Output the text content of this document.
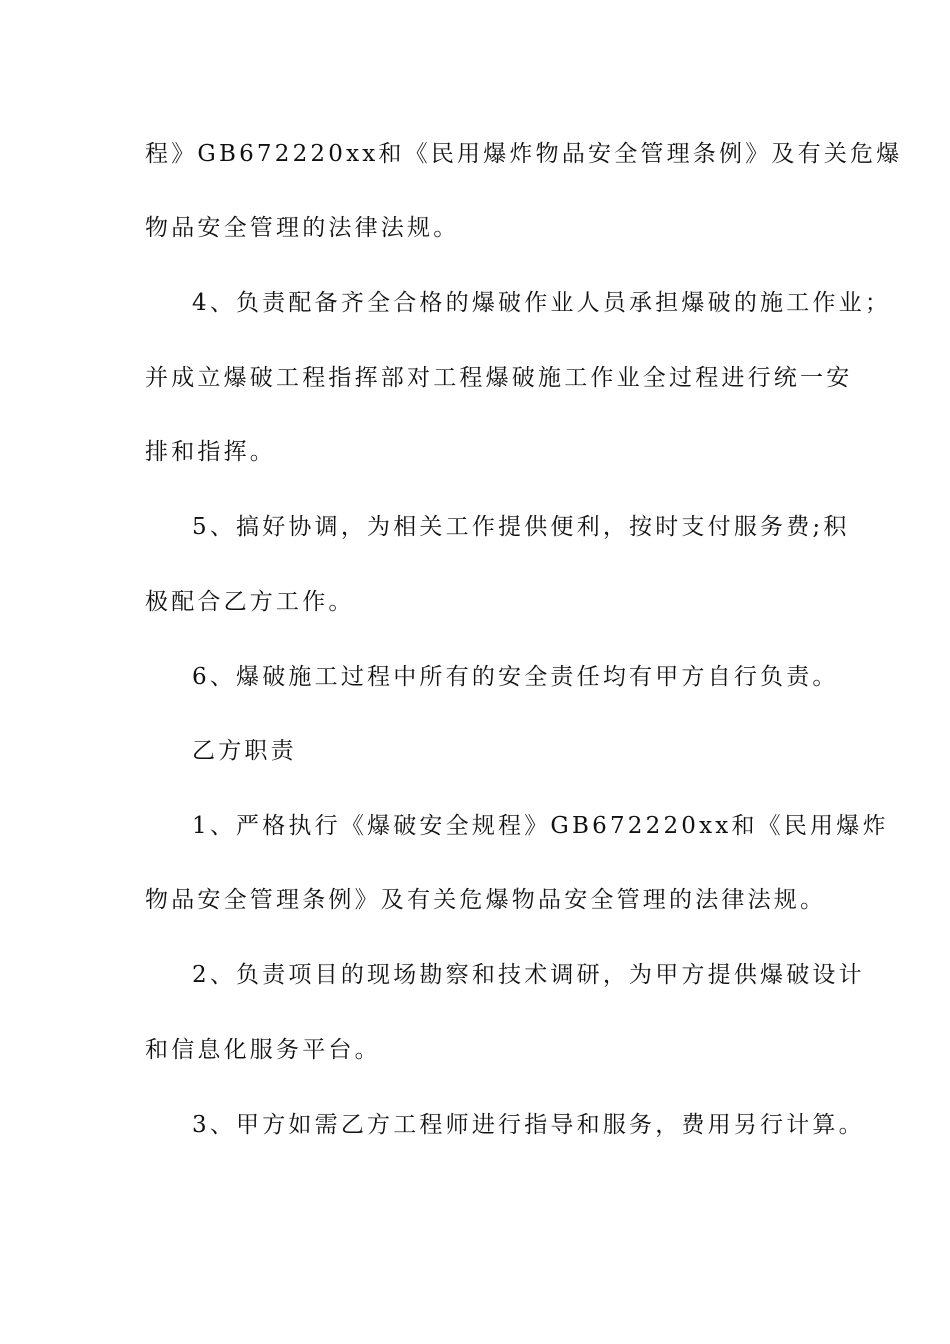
程》GB672220xx和《民用爆炸物品安全管理条例》及有关危爆
物品安全管理的法律法规。
4、负责配备齐全合格的爆破作业人员承担爆破的施工作业；
并成立爆破工程指挥部对工程爆破施工作业全过程进行统一安
排和指挥。
5、搞好协调，为相关工作提供便利，按时支付服务费;积
极配合乙方工作。
6、爆破施工过程中所有的安全责任均有甲方自行负责。
乙方职责
1、严格执行《爆破安全规程》GB672220xx和《民用爆炸
物品安全管理条例》及有关危爆物品安全管理的法律法规。
2、负责项目的现场勘察和技术调研，为甲方提供爆破设计
和信息化服务平台。
3、甲方如需乙方工程师进行指导和服务，费用另行计算。
